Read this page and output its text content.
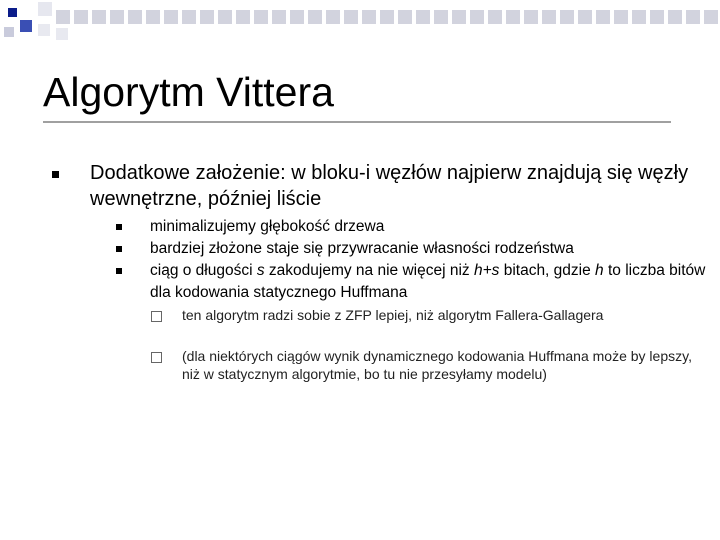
Algorytm Vittera
Dodatkowe założenie: w bloku-i węzłów najpierw znajdują się węzły wewnętrzne, później liście
minimalizujemy głębokość drzewa
bardziej złożone staje się przywracanie własności rodzeństwa
ciąg o długości s zakodujemy na nie więcej niż h+s bitach, gdzie h to liczba bitów dla kodowania statycznego Huffmana
ten algorytm radzi sobie z ZFP lepiej, niż algorytm Fallera-Gallagera
(dla niektórych ciągów wynik dynamicznego kodowania Huffmana może by lepszy, niż w statycznym algorytmie, bo tu nie przesyłamy modelu)
